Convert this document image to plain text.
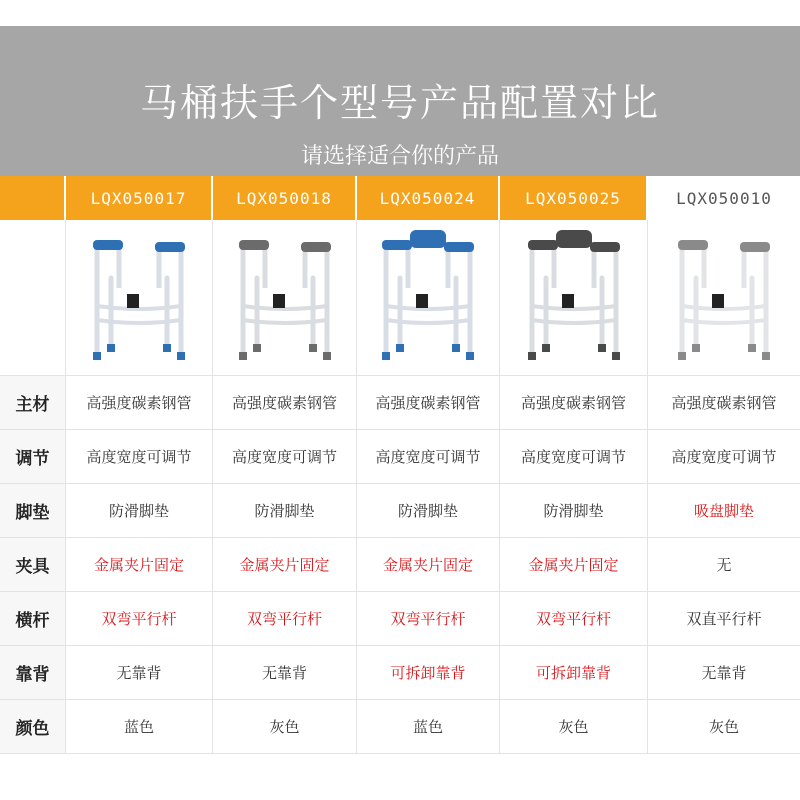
马桶扶手个型号产品配置对比
请选择适合你的产品
LQX050017	LQX050018	LQX050024	LQX050025	LQX050010
主材	高强度碳素钢管	高强度碳素钢管	高强度碳素钢管	高强度碳素钢管	高强度碳素钢管
调节	高度宽度可调节	高度宽度可调节	高度宽度可调节	高度宽度可调节	高度宽度可调节
脚垫	防滑脚垫	防滑脚垫	防滑脚垫	防滑脚垫	吸盘脚垫
夹具	金属夹片固定	金属夹片固定	金属夹片固定	金属夹片固定	无
横杆	双弯平行杆	双弯平行杆	双弯平行杆	双弯平行杆	双直平行杆
靠背	无靠背	无靠背	可拆卸靠背	可拆卸靠背	无靠背
颜色	蓝色	灰色	蓝色	灰色	灰色
